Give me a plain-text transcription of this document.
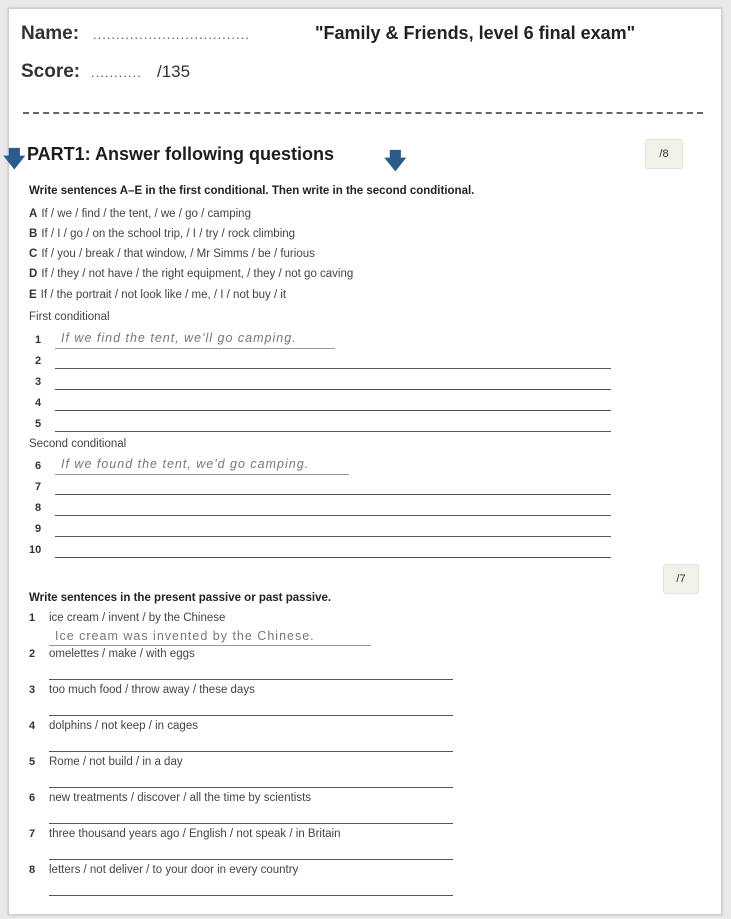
Name: ..................................	"Family & Friends, level 6 final exam"
Score: ........... /135
🡇 PART1: Answer following questions 🡇	/8
Write sentences A–E in the first conditional. Then write in the second conditional.
A If / we / find / the tent, / we / go / camping
B If / I / go / on the school trip, / I / try / rock climbing
C If / you / break / that window, / Mr Simms / be / furious
D If / they / not have / the right equipment, / they / not go caving
E If / the portrait / not look like / me, / I / not buy / it
First conditional
1 If we find the tent, we'll go camping.
2
3
4
5
Second conditional
6 If we found the tent, we'd go camping.
7
8
9
10
/7
Write sentences in the present passive or past passive.
1 ice cream / invent / by the Chinese
Ice cream was invented by the Chinese.
2 omelettes / make / with eggs
3 too much food / throw away / these days
4 dolphins / not keep / in cages
5 Rome / not build / in a day
6 new treatments / discover / all the time by scientists
7 three thousand years ago / English / not speak / in Britain
8 letters / not deliver / to your door in every country
